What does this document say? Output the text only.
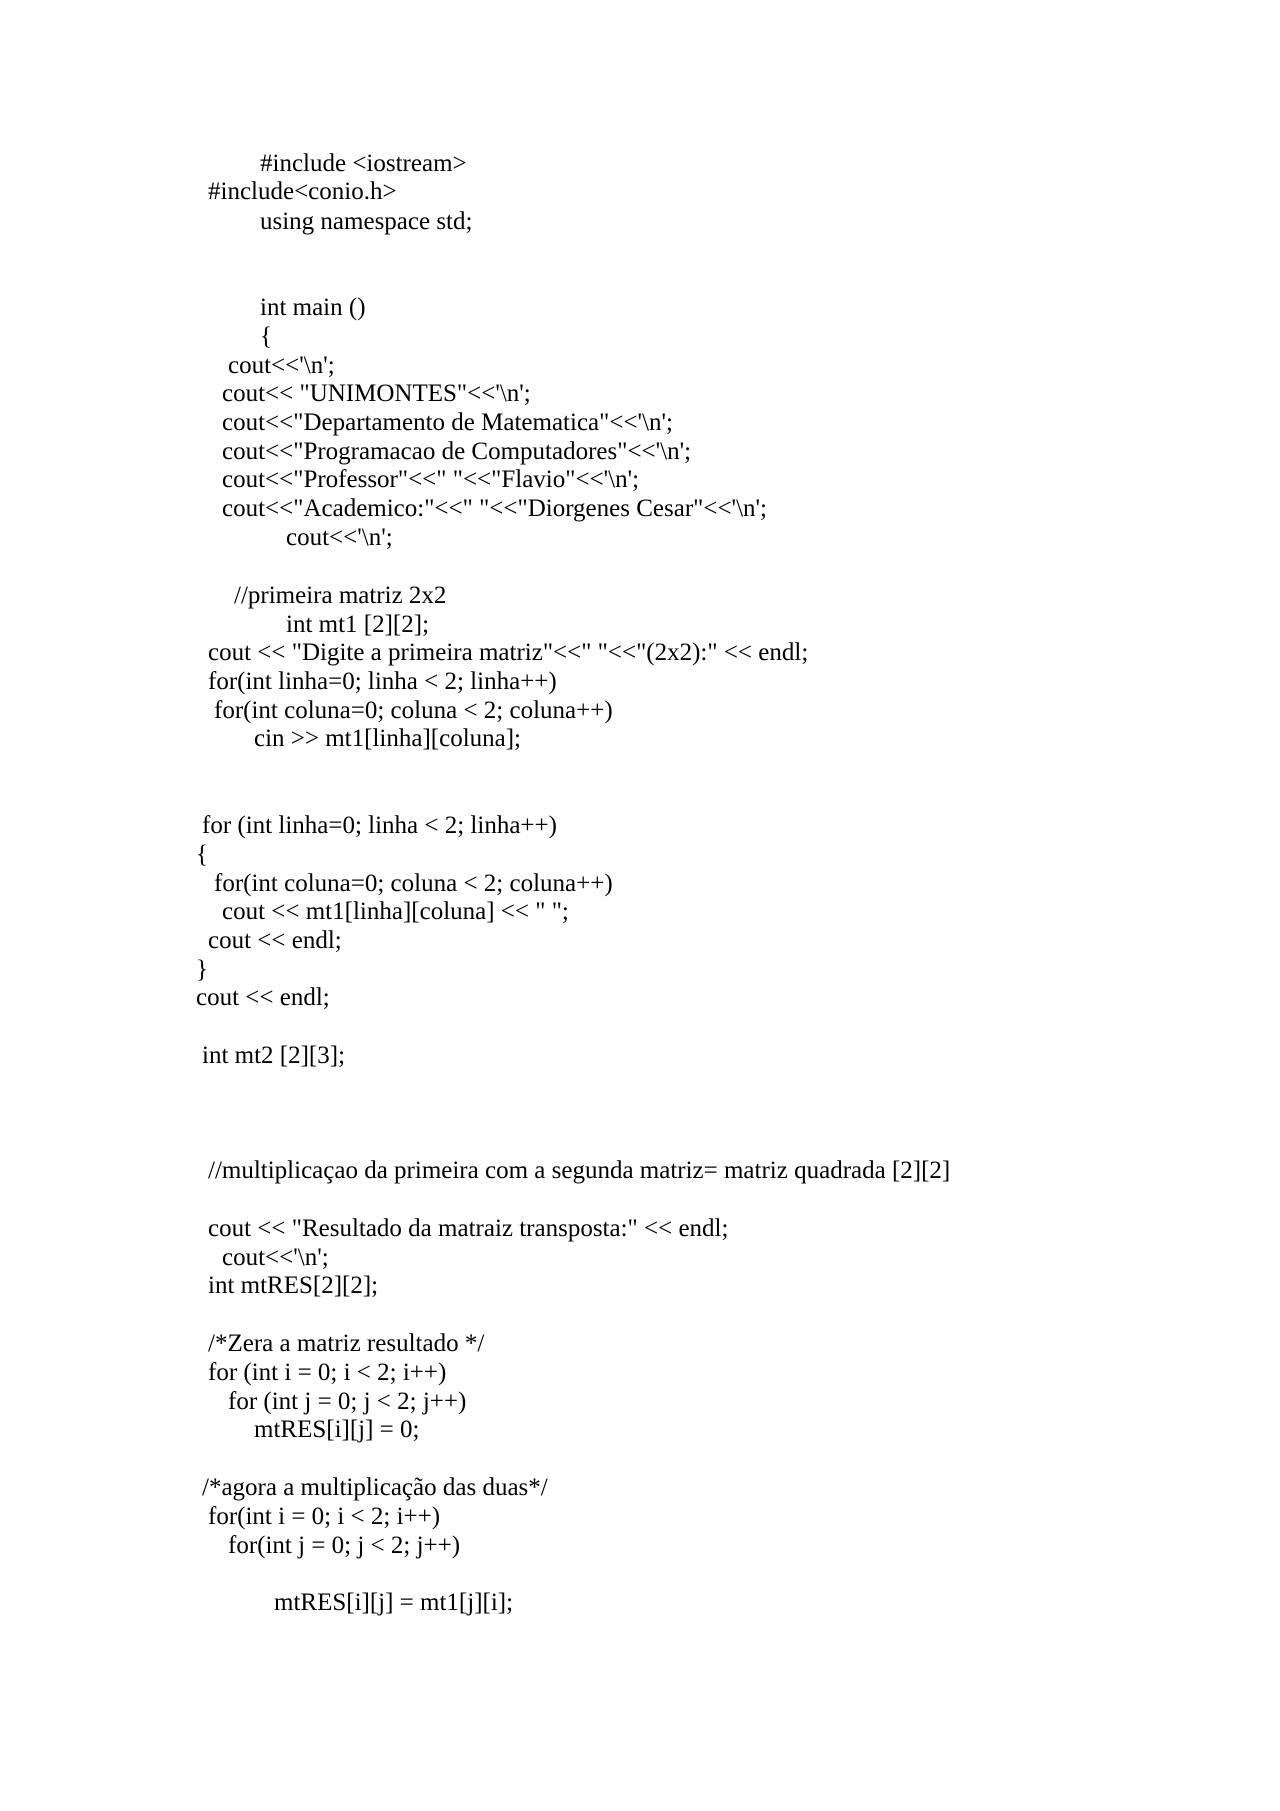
#include <iostream>
#include<conio.h>
using namespace std;
int main ()
{
cout<<'\n';
cout<< "UNIMONTES"<<'\n';
cout<<"Departamento de Matematica"<<'\n';
cout<<"Programacao de Computadores"<<'\n';
cout<<"Professor"<<" "<<"Flavio"<<'\n';
cout<<"Academico:"<<" "<<"Diorgenes Cesar"<<'\n';
cout<<'\n';
//primeira matriz 2x2
int mt1 [2][2];
cout << "Digite a primeira matriz"<<" "<<"(2x2):" << endl;
for(int linha=0; linha < 2; linha++)
for(int coluna=0; coluna < 2; coluna++)
cin >> mt1[linha][coluna];
for (int linha=0; linha < 2; linha++)
{
for(int coluna=0; coluna < 2; coluna++)
cout << mt1[linha][coluna] << " ";
cout << endl;
}
cout << endl;
int mt2 [2][3];
//multiplicaçao da primeira com a segunda matriz= matriz quadrada [2][2]
cout << "Resultado da matraiz transposta:" << endl;
cout<<'\n';
int mtRES[2][2];
/*Zera a matriz resultado */
for (int i = 0; i < 2; i++)
for (int j = 0; j < 2; j++)
mtRES[i][j] = 0;
/*agora a multiplicação das duas*/
for(int i = 0; i < 2; i++)
for(int j = 0; j < 2; j++)
mtRES[i][j] = mt1[j][i];
